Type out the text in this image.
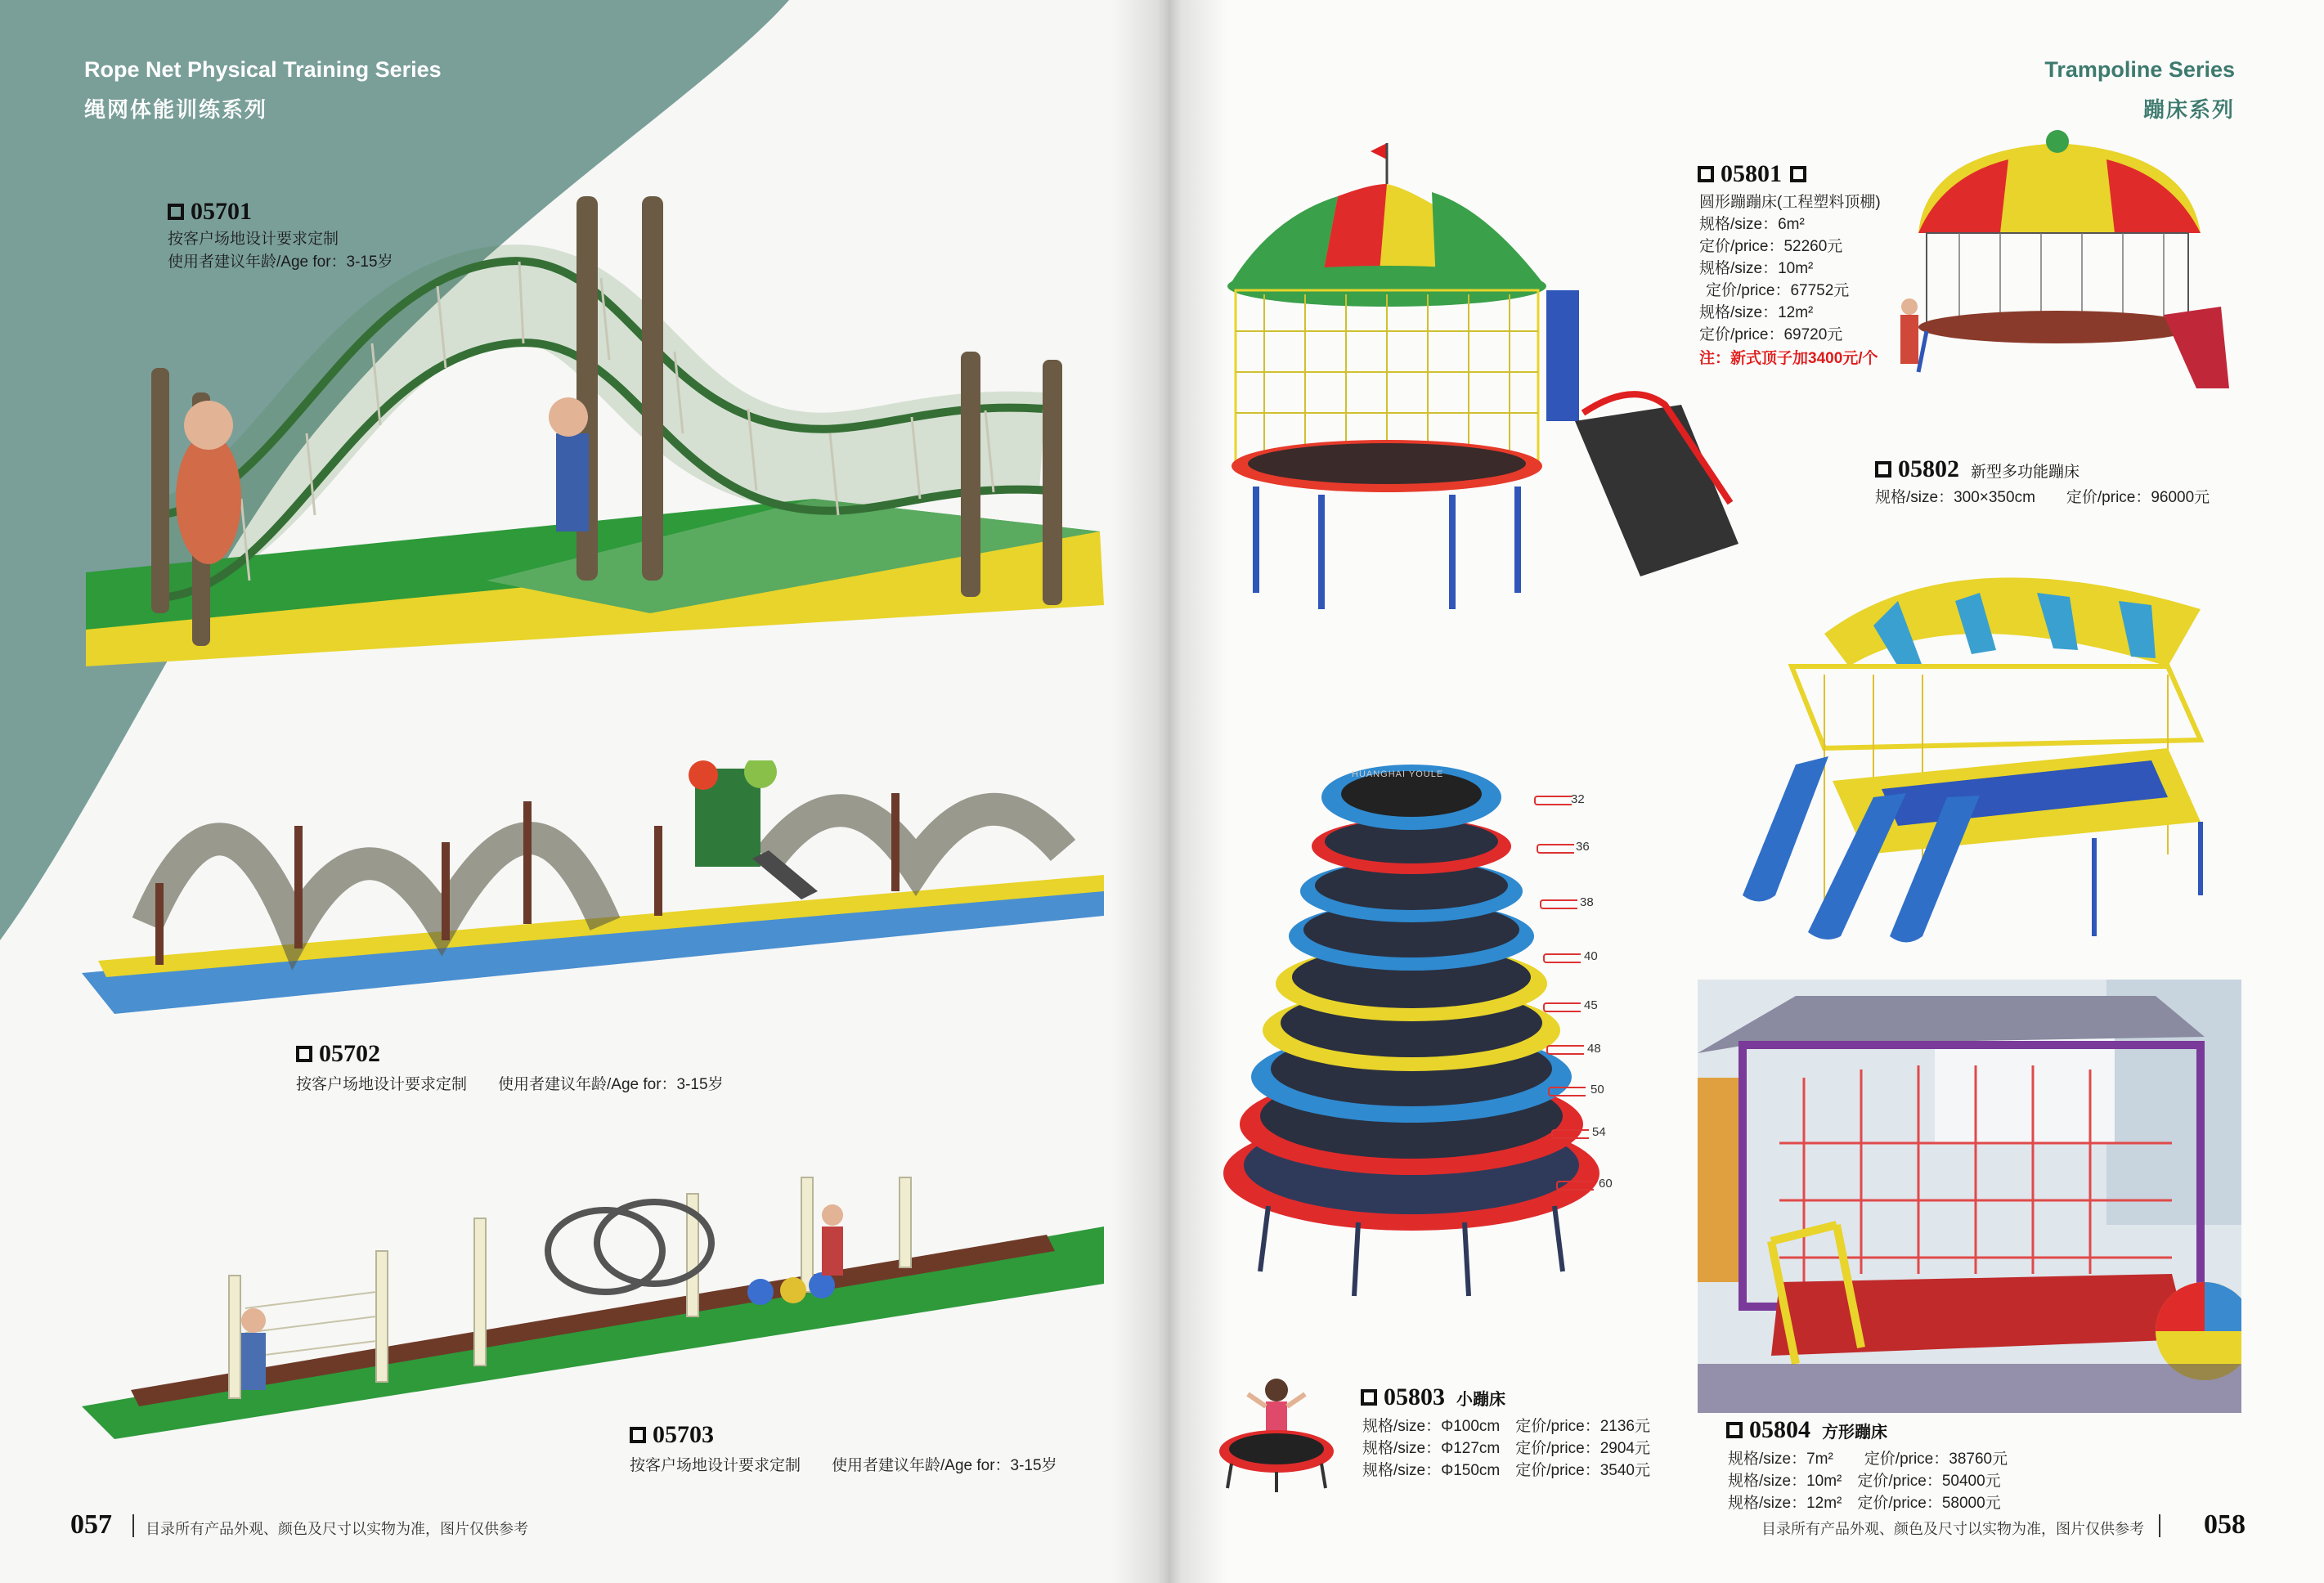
Rope Net Physical Training Series
绳网体能训练系列
05701
按客户场地设计要求定制
使用者建议年龄/Age for：3-15岁
05702
按客户场地设计要求定制　　使用者建议年龄/Age for：3-15岁
05703
按客户场地设计要求定制　　使用者建议年龄/Age for：3-15岁
057 目录所有产品外观、颜色及尺寸以实物为准，图片仅供参考
Trampoline Series
蹦床系列
05801
圆形蹦蹦床(工程塑料顶棚)
规格/size：6m²
定价/price：52260元
规格/size：10m²
定价/price：67752元
规格/size：12m²
定价/price：69720元
注：新式顶子加3400元/个
05802 新型多功能蹦床
规格/size：300×350cm　　定价/price：96000元
32
36
38
40
45
48
50
54
60
HUANGHAI YOULE
05803 小蹦床
规格/size：Φ100cm　定价/price：2136元
规格/size：Φ127cm　定价/price：2904元
规格/size：Φ150cm　定价/price：3540元
05804 方形蹦床
规格/size：7m²　　定价/price：38760元
规格/size：10m²　定价/price：50400元
规格/size：12m²　定价/price：58000元
目录所有产品外观、颜色及尺寸以实物为准，图片仅供参考 058
